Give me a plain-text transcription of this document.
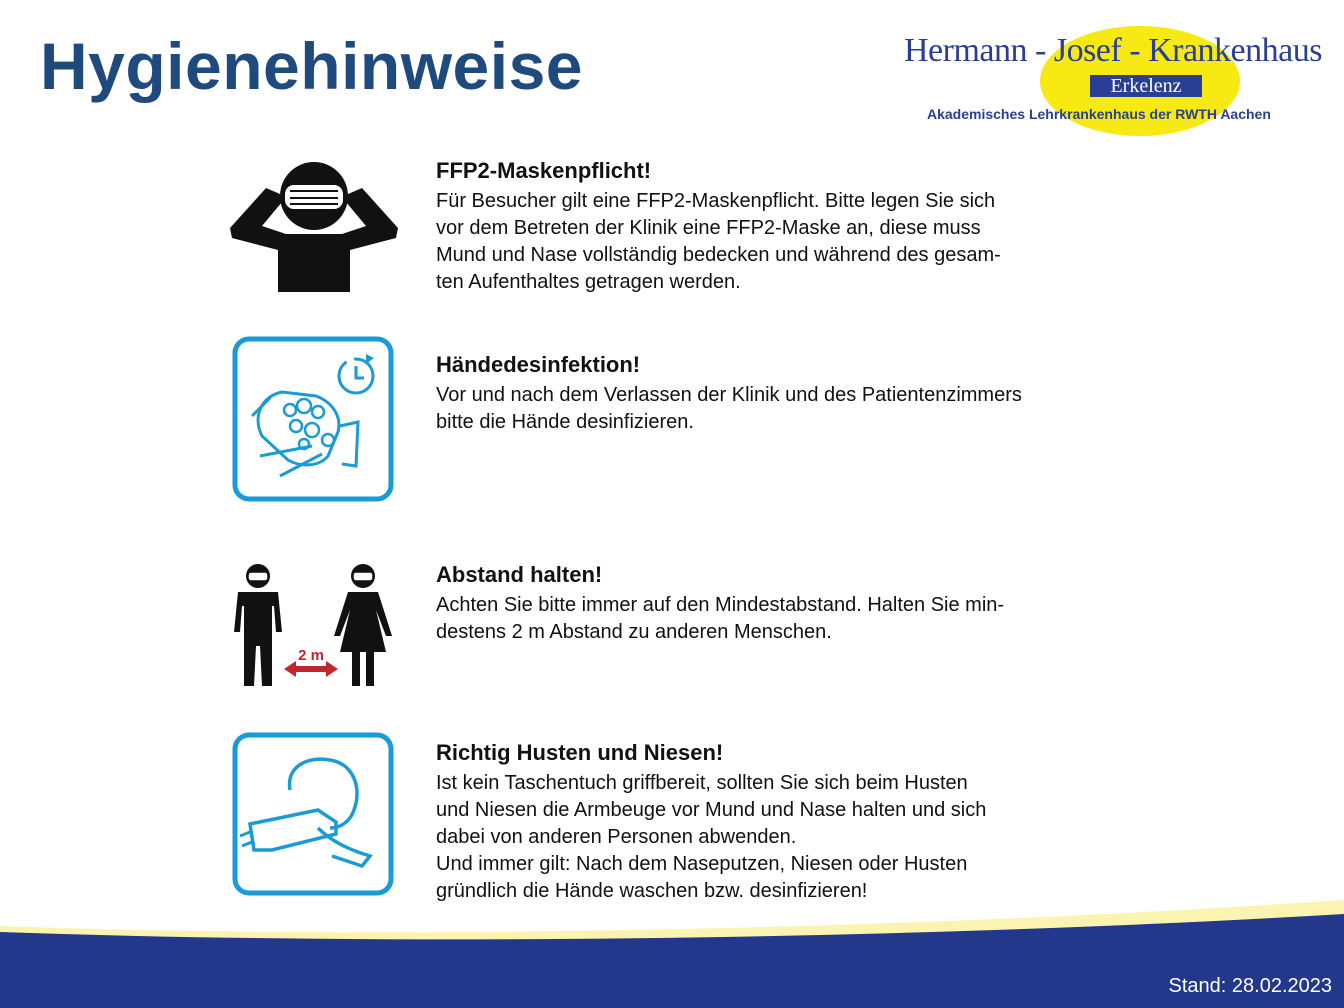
Hygienehinweise	Hermann - Josef - Krankenhaus
Erkelenz
Akademisches Lehrkrankenhaus der RWTH Aachen
FFP2-Maskenpflicht!

Für Besucher gilt eine FFP2-Maskenpflicht. Bitte legen Sie sich
vor dem Betreten der Klinik eine FFP2-Maske an, diese muss
Mund und Nase vollständig bedecken und während des gesam-
ten Aufenthaltes getragen werden.

Händedesinfektion!

Vor und nach dem Verlassen der Klinik und des Patientenzimmers
bitte die Hände desinfizieren.

2 m
Abstand halten!

Achten Sie bitte immer auf den Mindestabstand. Halten Sie min-
destens 2 m Abstand zu anderen Menschen.

Richtig Husten und Niesen!

Ist kein Taschentuch griffbereit, sollten Sie sich beim Husten
und Niesen die Armbeuge vor Mund und Nase halten und sich
dabei von anderen Personen abwenden.
Und immer gilt: Nach dem Naseputzen, Niesen oder Husten
gründlich die Hände waschen bzw. desinfizieren!

Stand: 28.02.2023
